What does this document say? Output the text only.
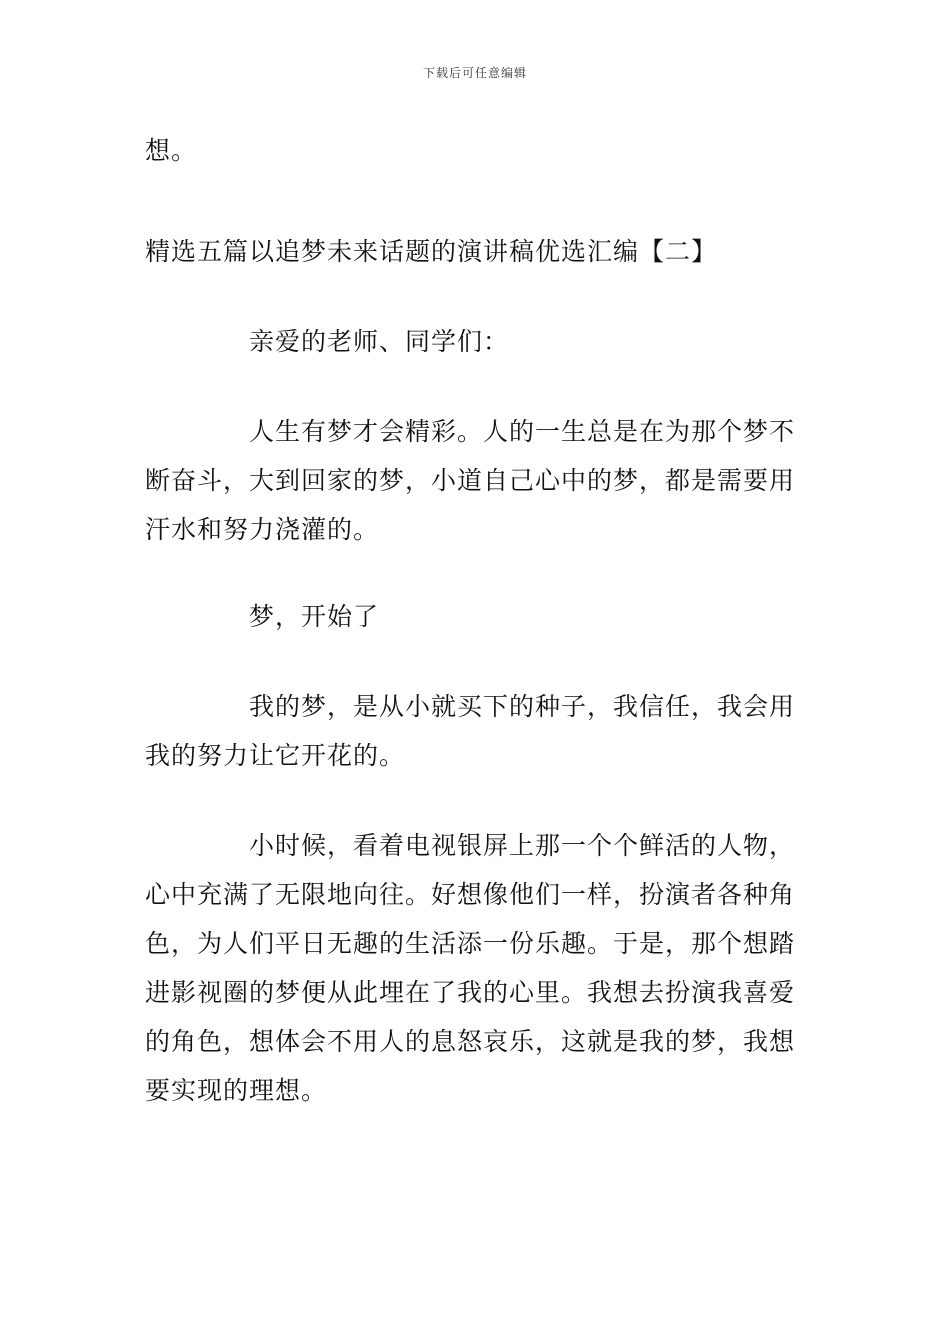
下载后可任意编辑

想。

精选五篇以追梦未来话题的演讲稿优选汇编【二】

亲爱的老师、同学们：

人生有梦才会精彩。人的一生总是在为那个梦不断奋斗，大到回家的梦，小道自己心中的梦，都是需要用汗水和努力浇灌的。

梦，开始了

我的梦，是从小就买下的种子，我信任，我会用我的努力让它开花的。

小时候，看着电视银屏上那一个个鲜活的人物，心中充满了无限地向往。好想像他们一样，扮演者各种角色，为人们平日无趣的生活添一份乐趣。于是，那个想踏进影视圈的梦便从此埋在了我的心里。我想去扮演我喜爱的角色，想体会不用人的息怒哀乐，这就是我的梦，我想要实现的理想。
